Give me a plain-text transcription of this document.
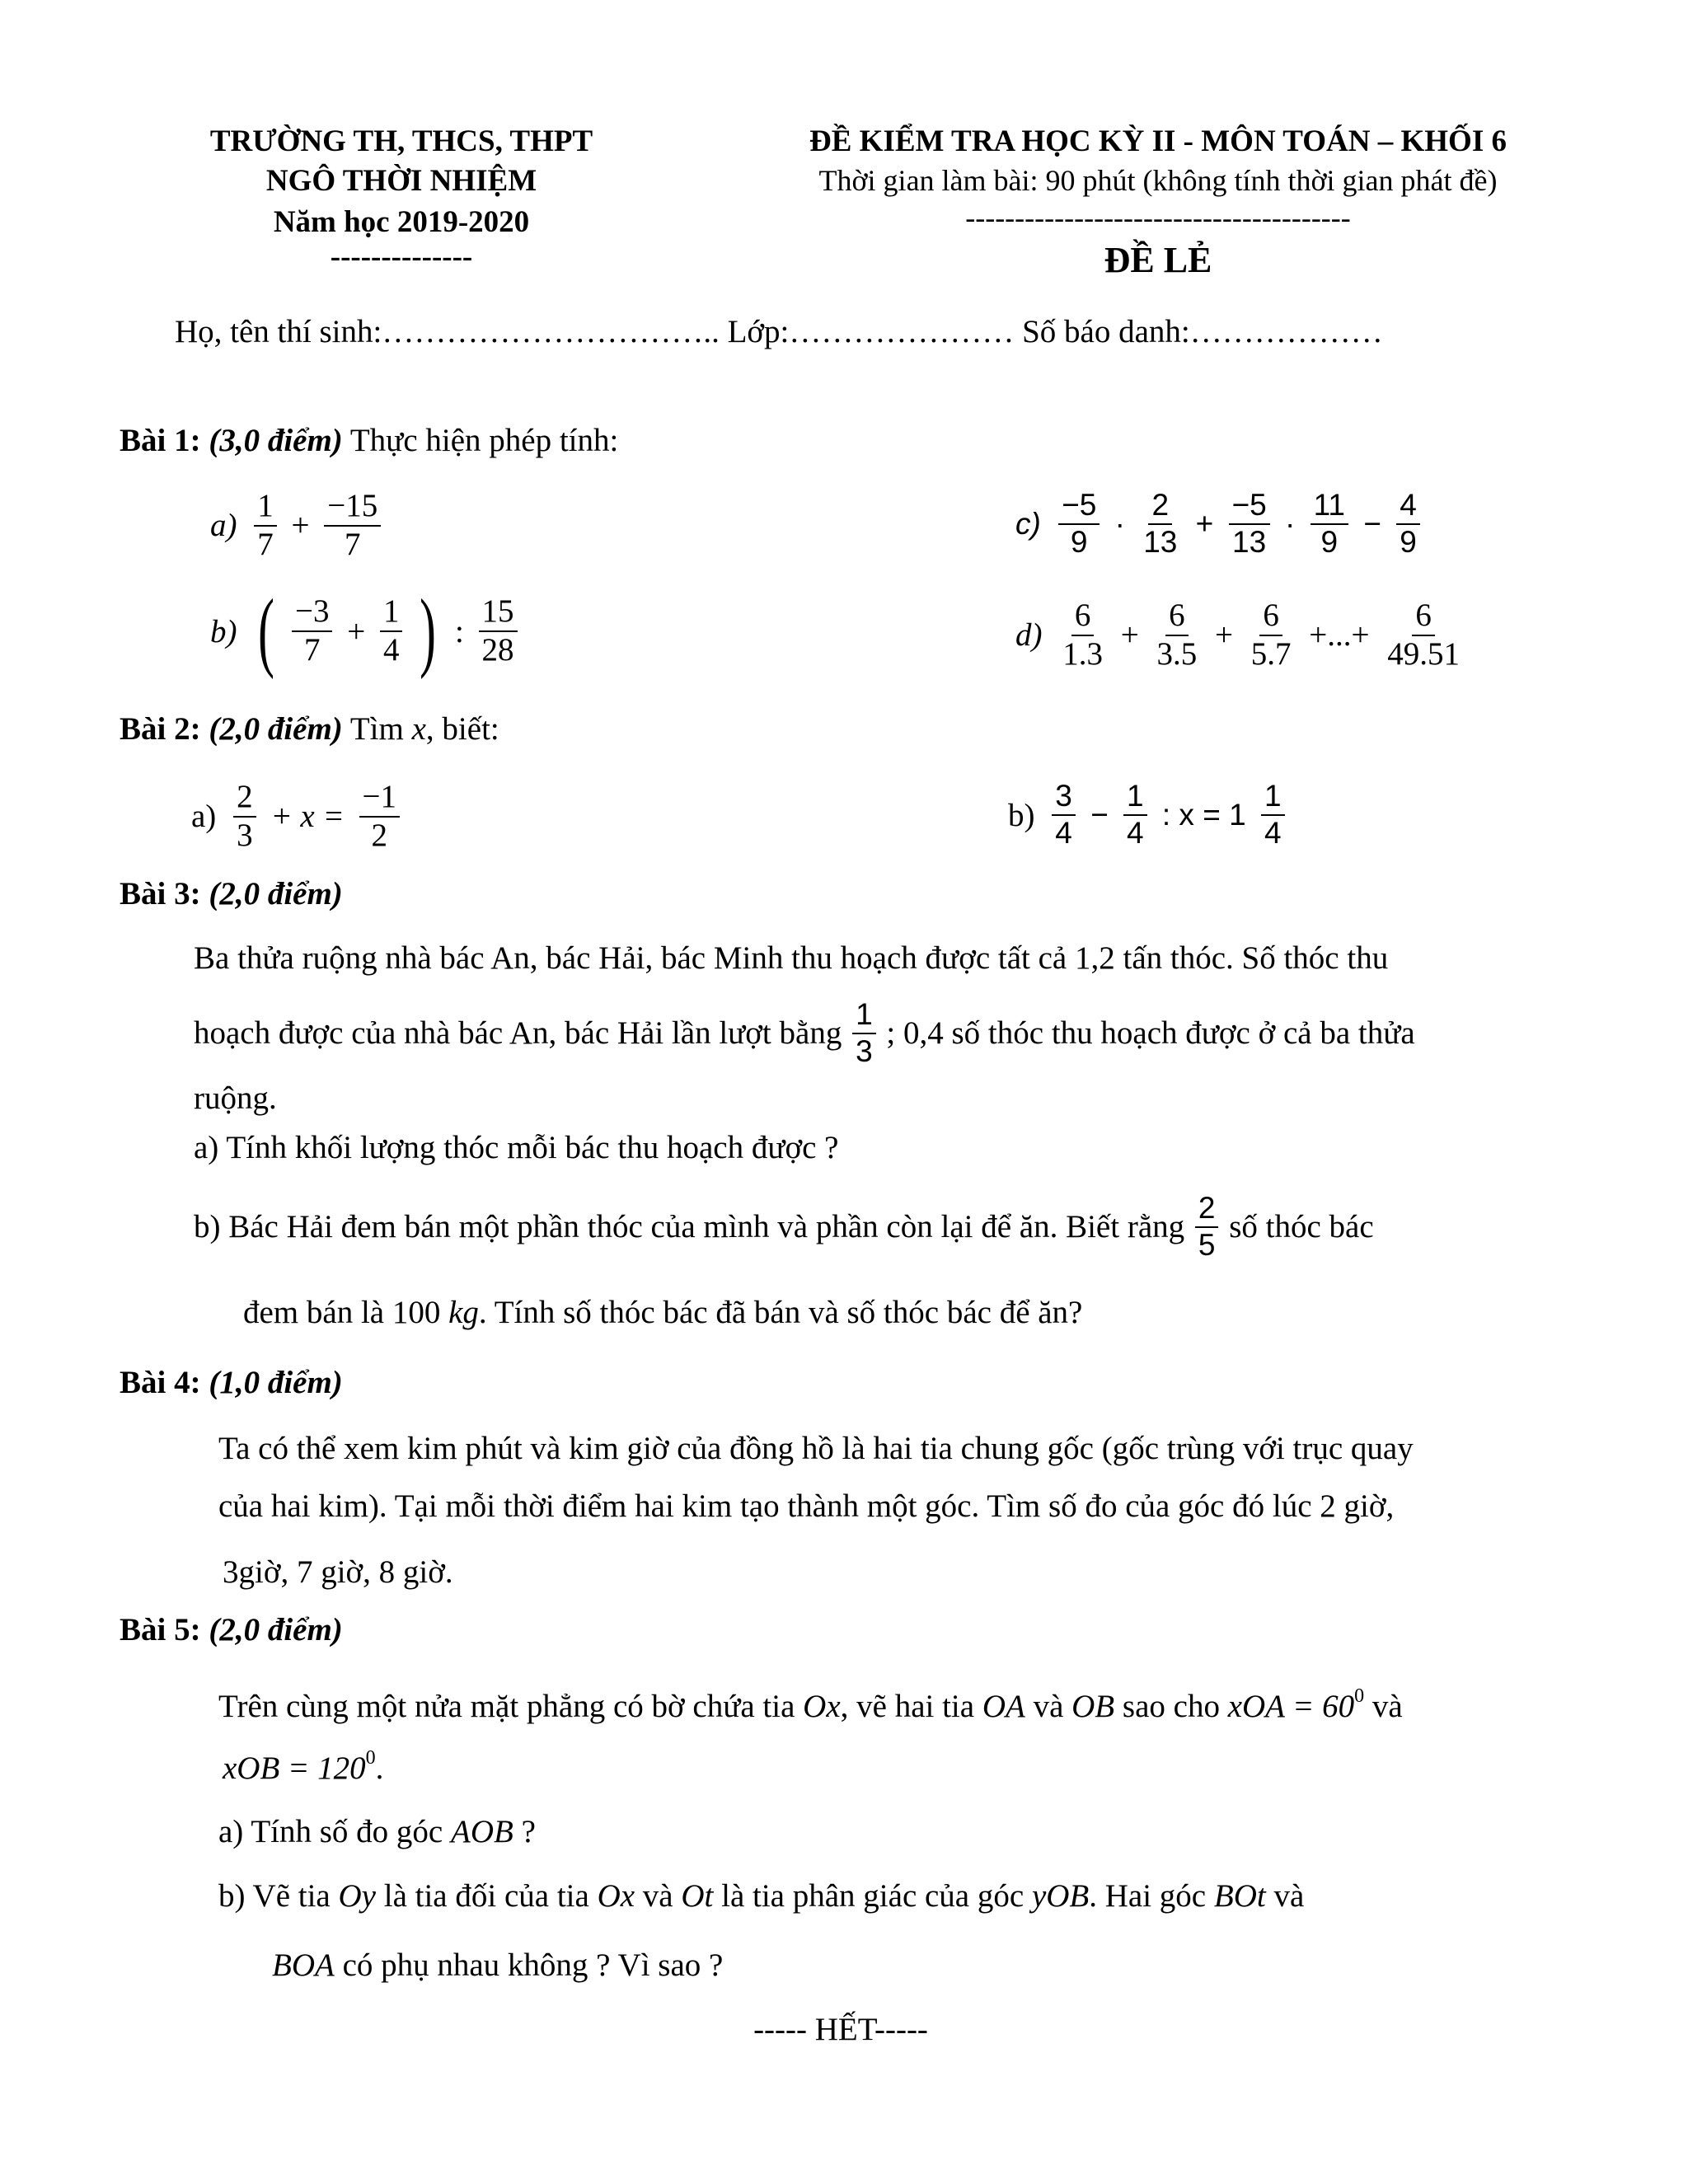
TRƯỜNG TH, THCS, THPT
NGÔ THỜI NHIỆM
Năm học 2019-2020
--------------
ĐỀ KIỂM TRA HỌC KỲ II - MÔN TOÁN – KHỐI 6
Thời gian làm bài: 90 phút (không tính thời gian phát đề)
---------------------------------------
ĐỀ LẺ
Họ, tên thí sinh:………………………….. Lớp:………………… Số báo danh:………………
Bài 1: (3,0 điểm) Thực hiện phép tính:
$a) \frac{1}{7} + \frac{-15}{7}$
b) ( $\frac{-3}{7} + \frac{1}{4}$ ) : $\frac{15}{28}$
$c) \frac{-5}{9} \cdot \frac{2}{13} + \frac{-5}{13} \cdot \frac{11}{9} - \frac{4}{9}$
$d) \frac{6}{1.3} + \frac{6}{3.5} + \frac{6}{5.7}$ +...+ $\frac{6}{49.51}$
Bài 2: (2,0 điểm) Tìm x, biết:
$a) \frac{2}{3} + x = \frac{-1}{2}$	$b) \frac{3}{4} - \frac{1}{4}$ : $x = 1 \frac{1}{4}$
Bài 3: (2,0 điểm)
Ba thửa ruộng nhà bác An, bác Hải, bác Minh thu hoạch được tất cả 1,2 tấn thóc. Số thóc thu
hoạch được của nhà bác An, bác Hải lần lượt bằng $\frac{1}{3}$ ; 0,4 số thóc thu hoạch được ở cả ba thửa
ruộng.
a) Tính khối lượng thóc mỗi bác thu hoạch được ?
b) Bác Hải đem bán một phần thóc của mình và phần còn lại để ăn. Biết rằng $\frac{2}{5}$ số thóc bác
đem bán là 100 kg. Tính số thóc bác đã bán và số thóc bác để ăn?
Bài 4: (1,0 điểm)
Ta có thể xem kim phút và kim giờ của đồng hồ là hai tia chung gốc (gốc trùng với trục quay
của hai kim). Tại mỗi thời điểm hai kim tạo thành một góc. Tìm số đo của góc đó lúc 2 giờ,
3giờ, 7 giờ, 8 giờ.
Bài 5: (2,0 điểm)
Trên cùng một nửa mặt phẳng có bờ chứa tia Ox, vẽ hai tia OA và OB sao cho xOA = $60^0$ và
xOB = $120^0$.
a) Tính số đo góc AOB ?
b) Vẽ tia Oy là tia đối của tia Ox và Ot là tia phân giác của góc yOB. Hai góc BOt và
BOA có phụ nhau không ? Vì sao ?
----- HẾT-----
